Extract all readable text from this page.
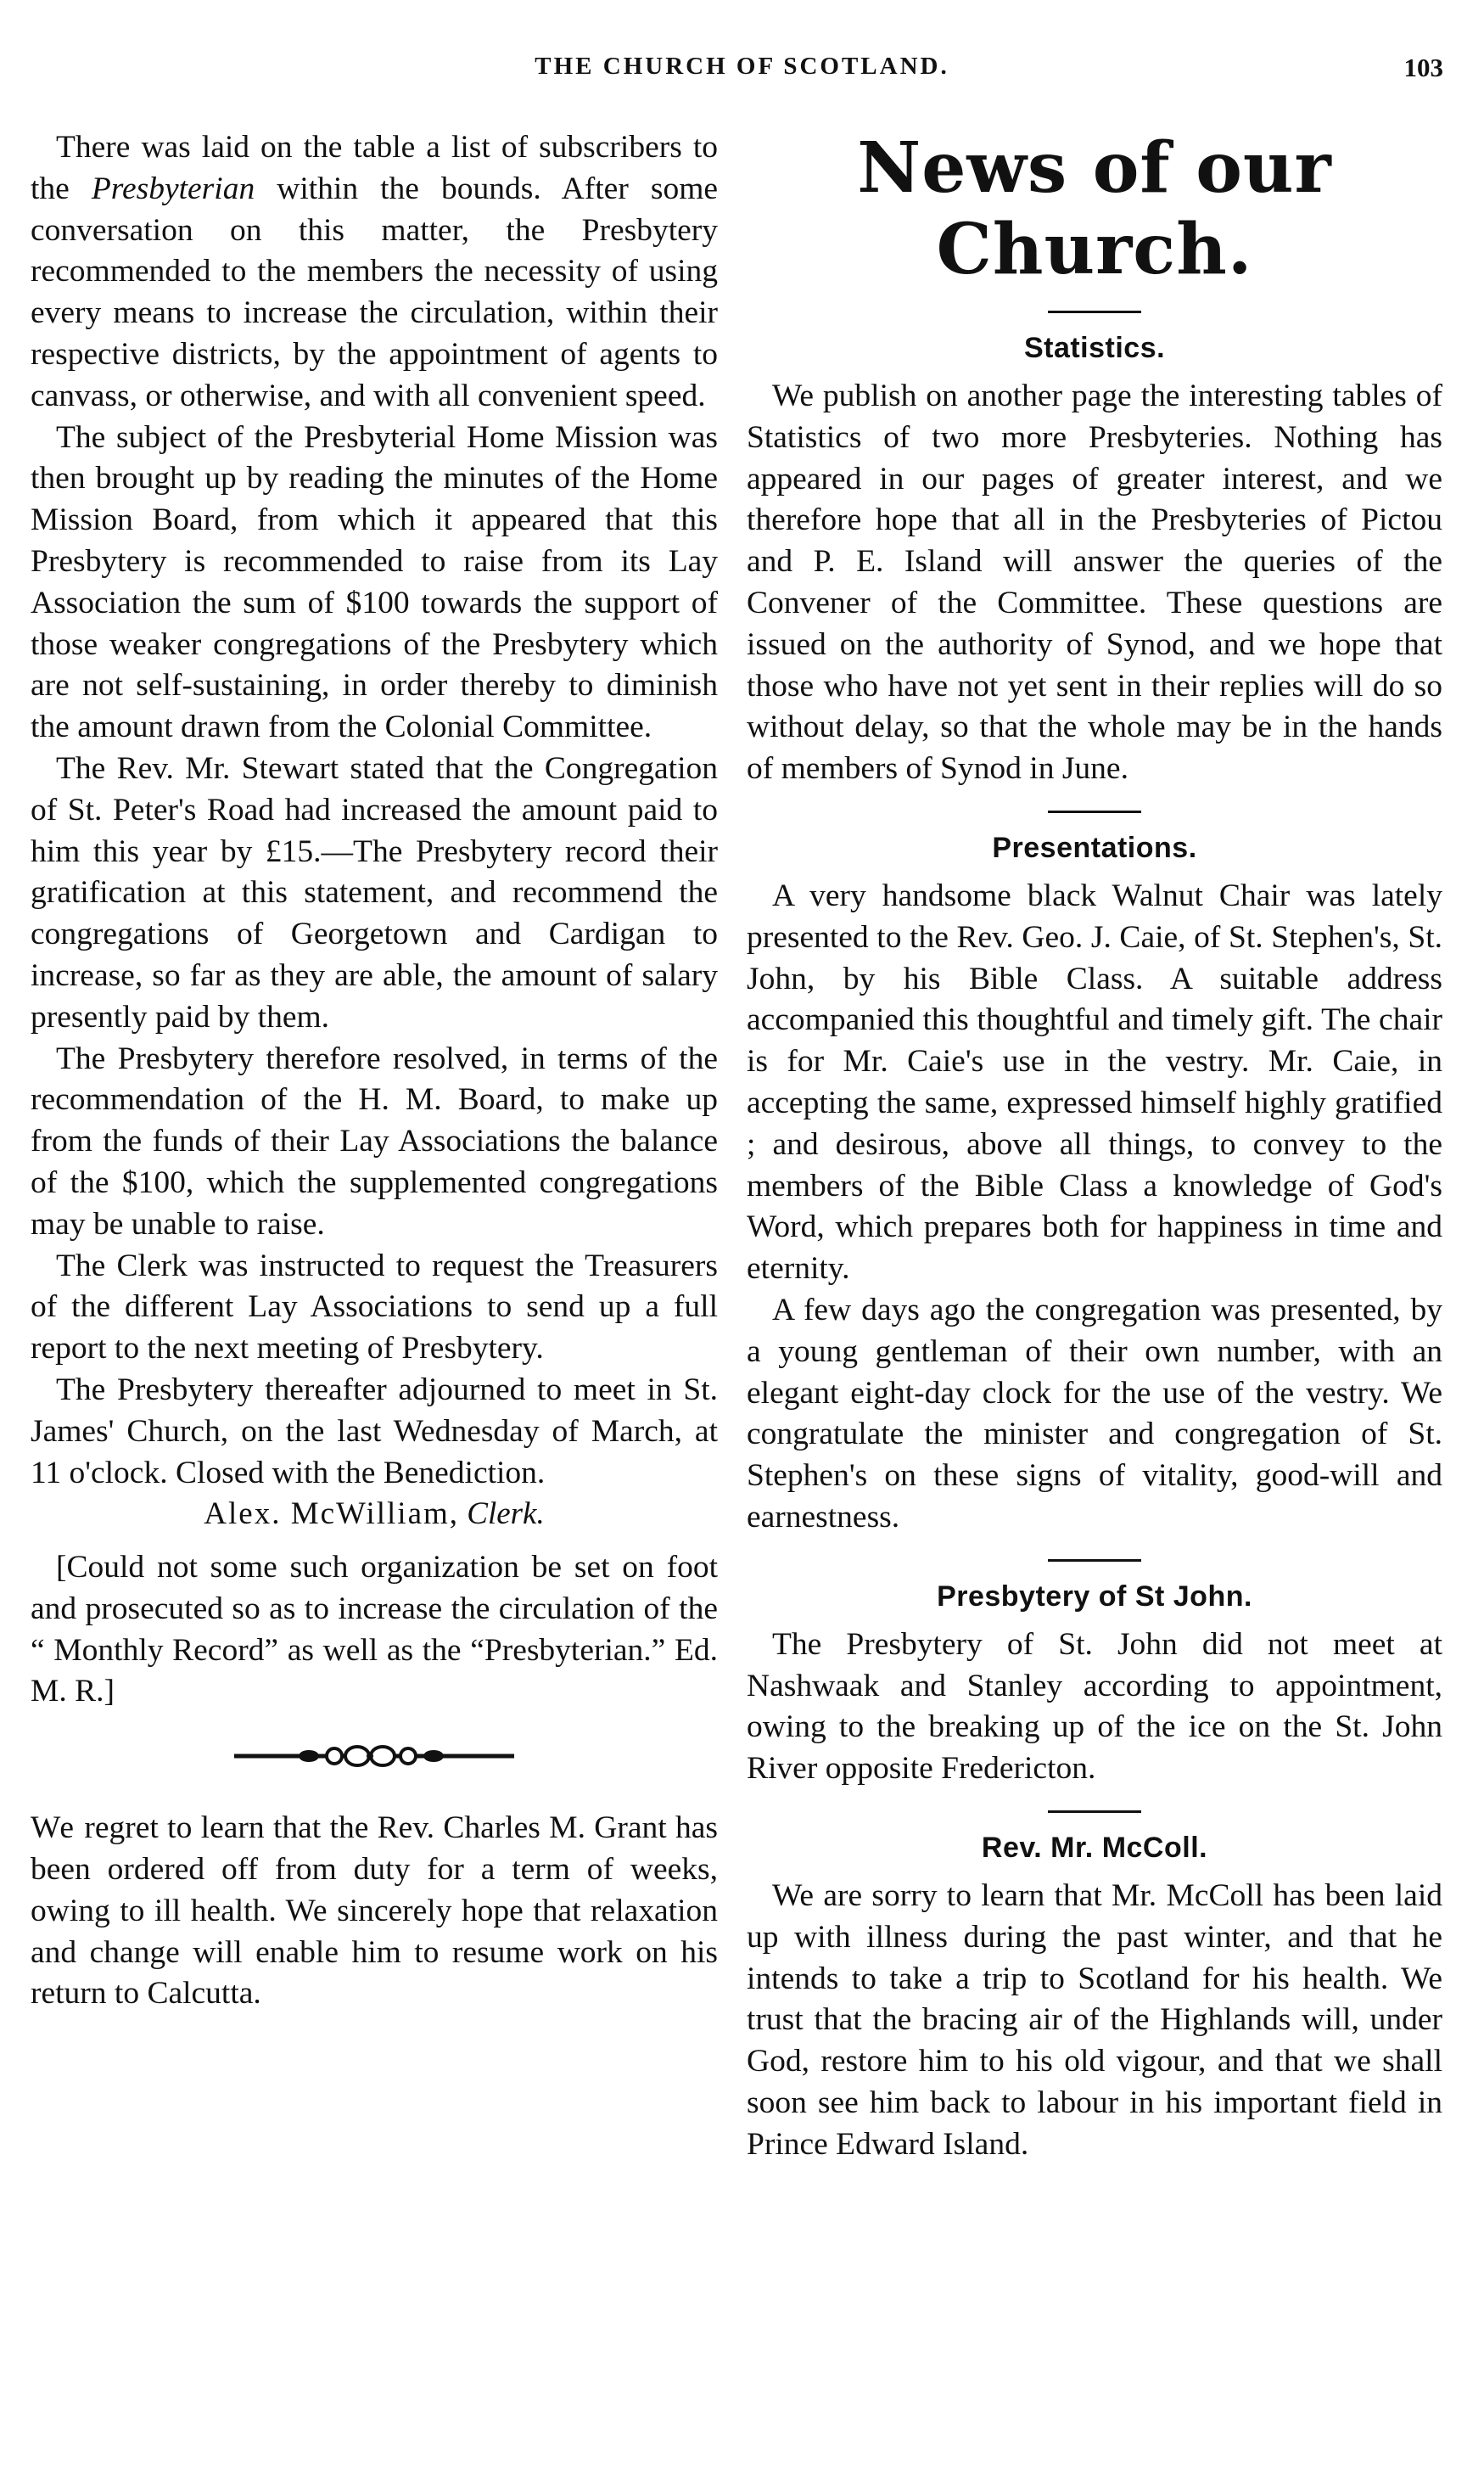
THE CHURCH OF SCOTLAND.	103

There was laid on the table a list of subscribers to the Presbyterian within the bounds. After some conversation on this matter, the Presbytery recommended to the members the necessity of using every means to increase the circulation, within their respective districts, by the appointment of agents to canvass, or otherwise, and with all convenient speed.

The subject of the Presbyterial Home Mission was then brought up by reading the minutes of the Home Mission Board, from which it appeared that this Presbytery is recommended to raise from its Lay Association the sum of $100 towards the support of those weaker congregations of the Presbytery which are not self-sustaining, in order thereby to diminish the amount drawn from the Colonial Committee.

The Rev. Mr. Stewart stated that the Congregation of St. Peter's Road had increased the amount paid to him this year by £15.—The Presbytery record their gratification at this statement, and recommend the congregations of Georgetown and Cardigan to increase, so far as they are able, the amount of salary presently paid by them.

The Presbytery therefore resolved, in terms of the recommendation of the H. M. Board, to make up from the funds of their Lay Associations the balance of the $100, which the supplemented congregations may be unable to raise.

The Clerk was instructed to request the Treasurers of the different Lay Associations to send up a full report to the next meeting of Presbytery.

The Presbytery thereafter adjourned to meet in St. James' Church, on the last Wednesday of March, at 11 o'clock. Closed with the Benediction.

Alex. McWilliam, Clerk.

[Could not some such organization be set on foot and prosecuted so as to increase the circulation of the “ Monthly Record” as well as the “Presbyterian.” Ed. M. R.]

We regret to learn that the Rev. Charles M. Grant has been ordered off from duty for a term of weeks, owing to ill health. We sincerely hope that relaxation and change will enable him to resume work on his return to Calcutta.

News of our Church.
Statistics.

We publish on another page the interesting tables of Statistics of two more Presbyteries. Nothing has appeared in our pages of greater interest, and we therefore hope that all in the Presbyteries of Pictou and P. E. Island will answer the queries of the Convener of the Committee. These questions are issued on the authority of Synod, and we hope that those who have not yet sent in their replies will do so without delay, so that the whole may be in the hands of members of Synod in June.

Presentations.

A very handsome black Walnut Chair was lately presented to the Rev. Geo. J. Caie, of St. Stephen's, St. John, by his Bible Class. A suitable address accompanied this thoughtful and timely gift. The chair is for Mr. Caie's use in the vestry. Mr. Caie, in accepting the same, expressed himself highly gratified ; and desirous, above all things, to convey to the members of the Bible Class a knowledge of God's Word, which prepares both for happiness in time and eternity.

A few days ago the congregation was presented, by a young gentleman of their own number, with an elegant eight-day clock for the use of the vestry. We congratulate the minister and congregation of St. Stephen's on these signs of vitality, good-will and earnestness.

Presbytery of St John.

The Presbytery of St. John did not meet at Nashwaak and Stanley according to appointment, owing to the breaking up of the ice on the St. John River opposite Fredericton.

Rev. Mr. McColl.

We are sorry to learn that Mr. McColl has been laid up with illness during the past winter, and that he intends to take a trip to Scotland for his health. We trust that the bracing air of the Highlands will, under God, restore him to his old vigour, and that we shall soon see him back to labour in his important field in Prince Edward Island.
